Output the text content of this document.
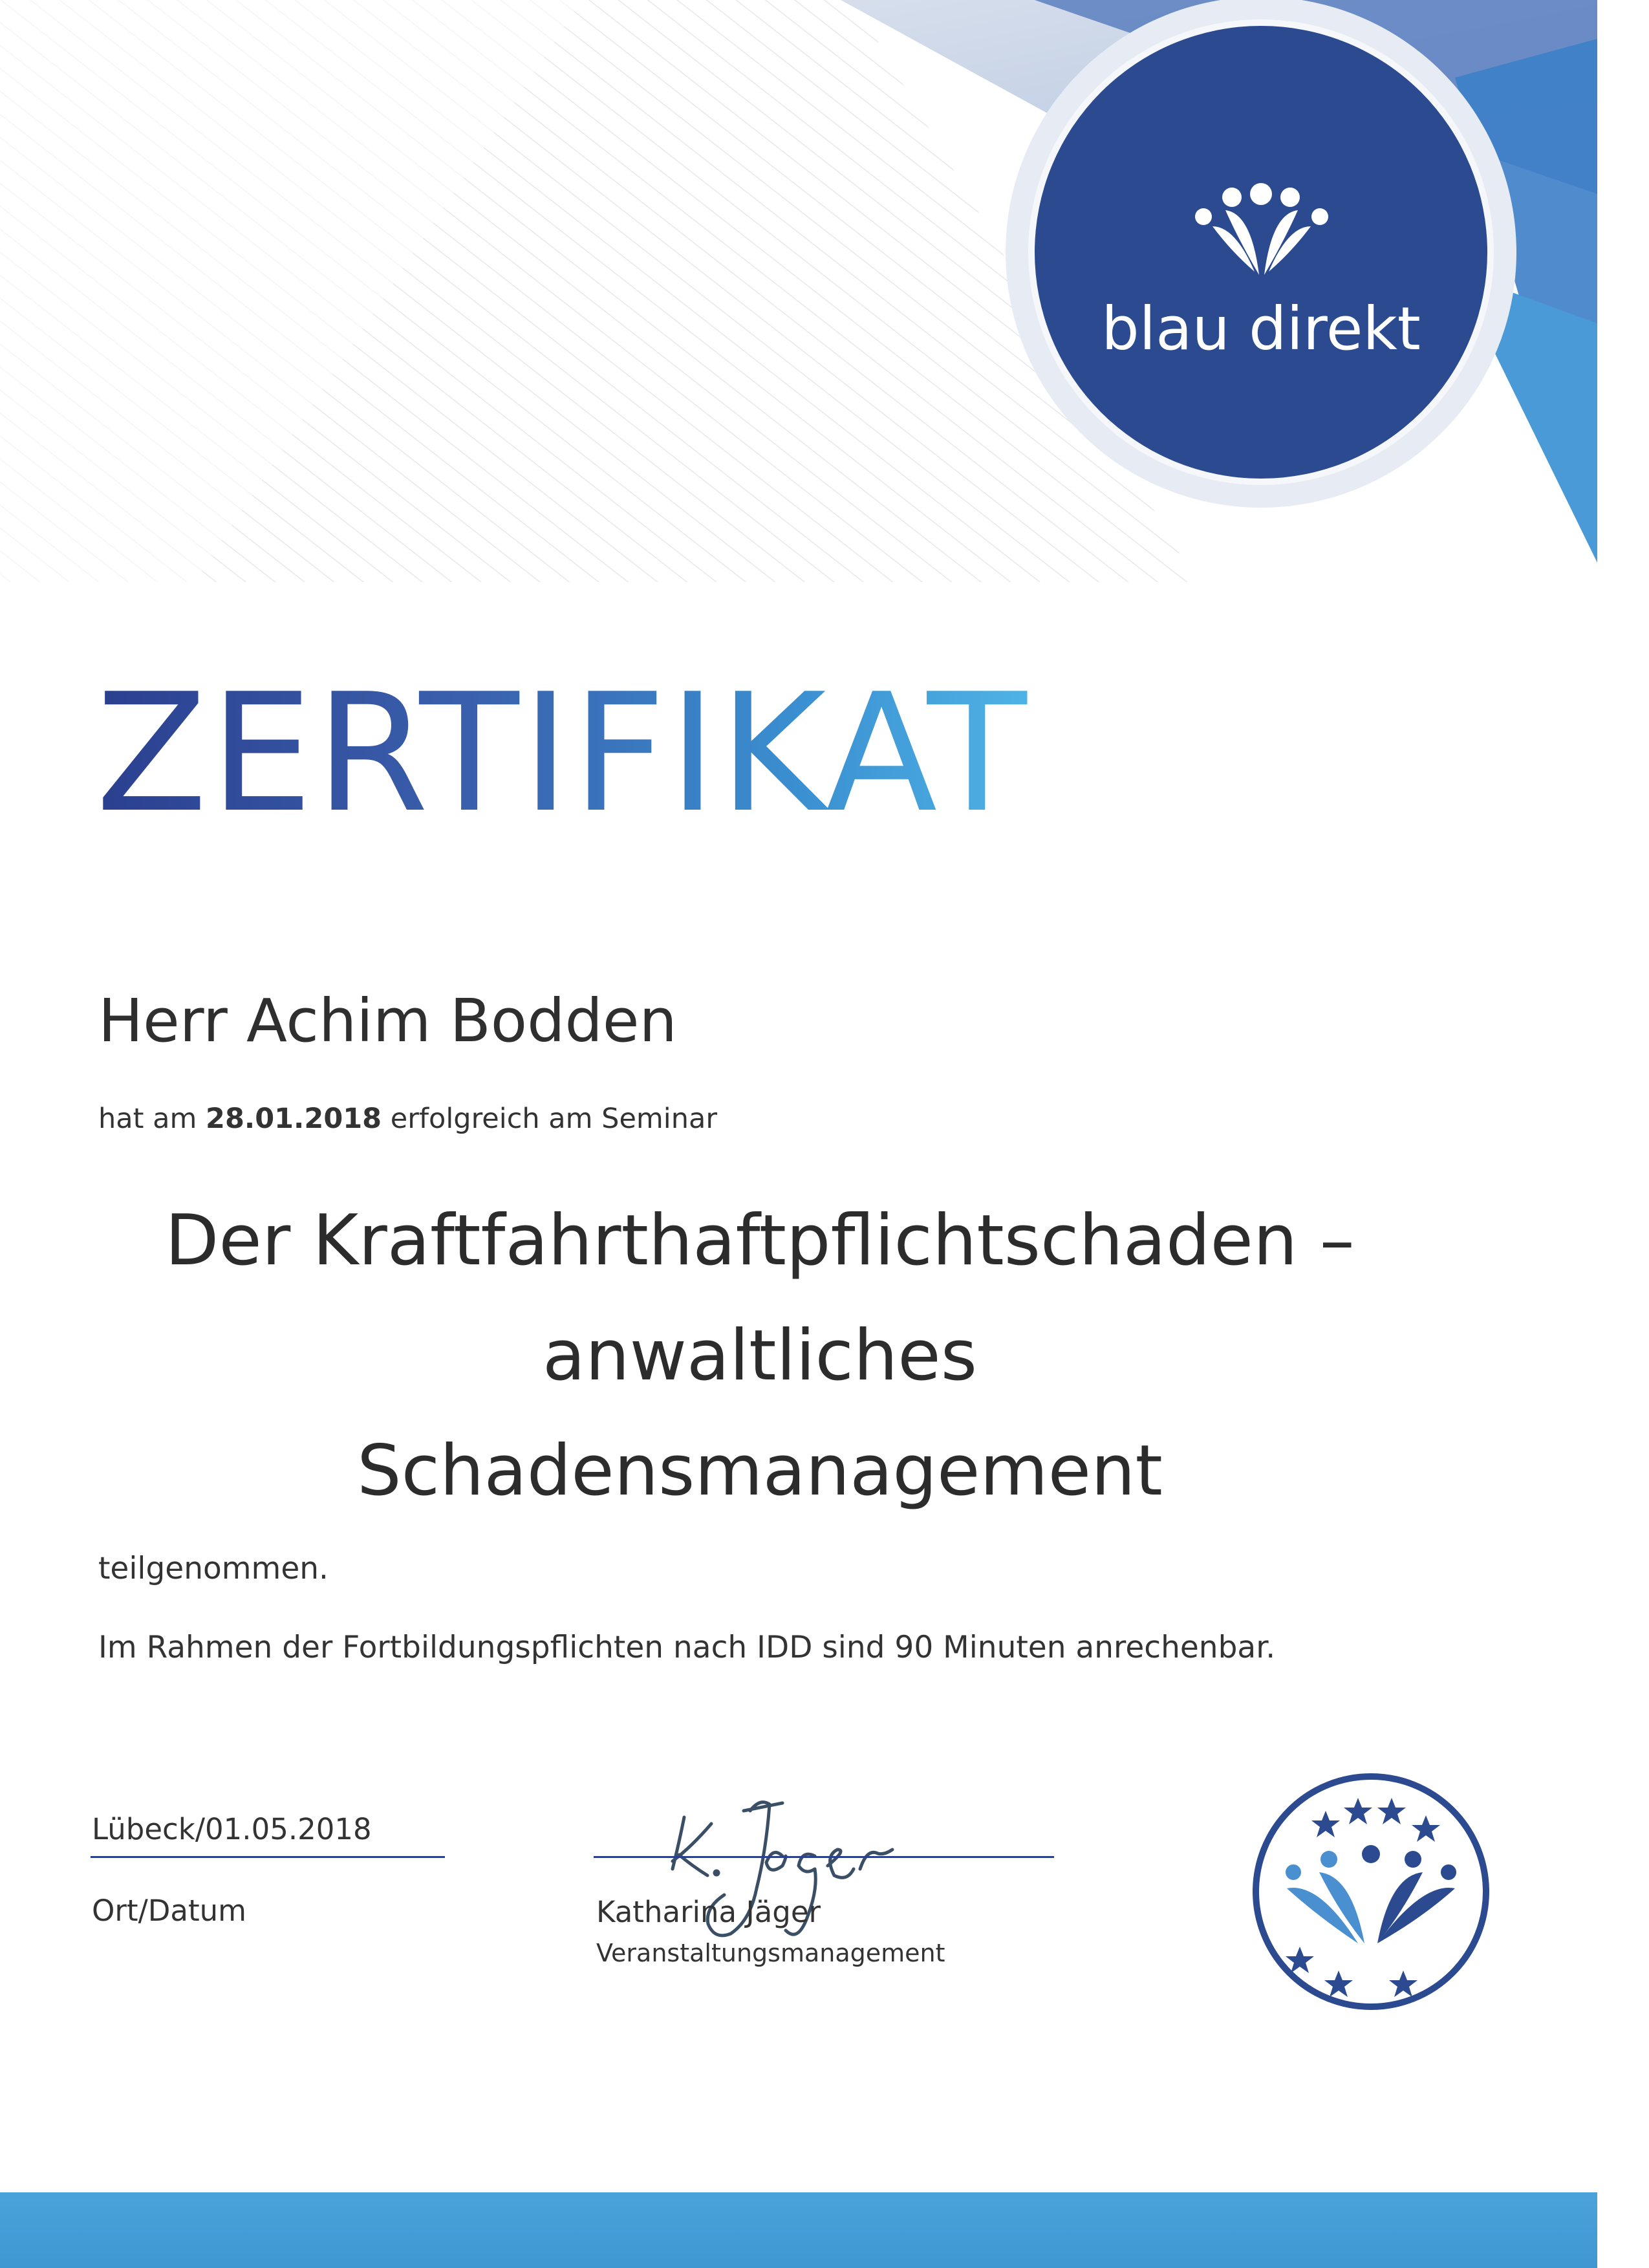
blau direkt
ZERTIFIKAT
Herr Achim Bodden
hat am 28.01.2018 erfolgreich am Seminar
Der Kraftfahrthaftpflichtschaden –
anwaltliches
Schadensmanagement
teilgenommen.
Im Rahmen der Fortbildungspflichten nach IDD sind 90 Minuten anrechenbar.
Lübeck/01.05.2018
Ort/Datum	Katharina Jäger
Veranstaltungsmanagement
